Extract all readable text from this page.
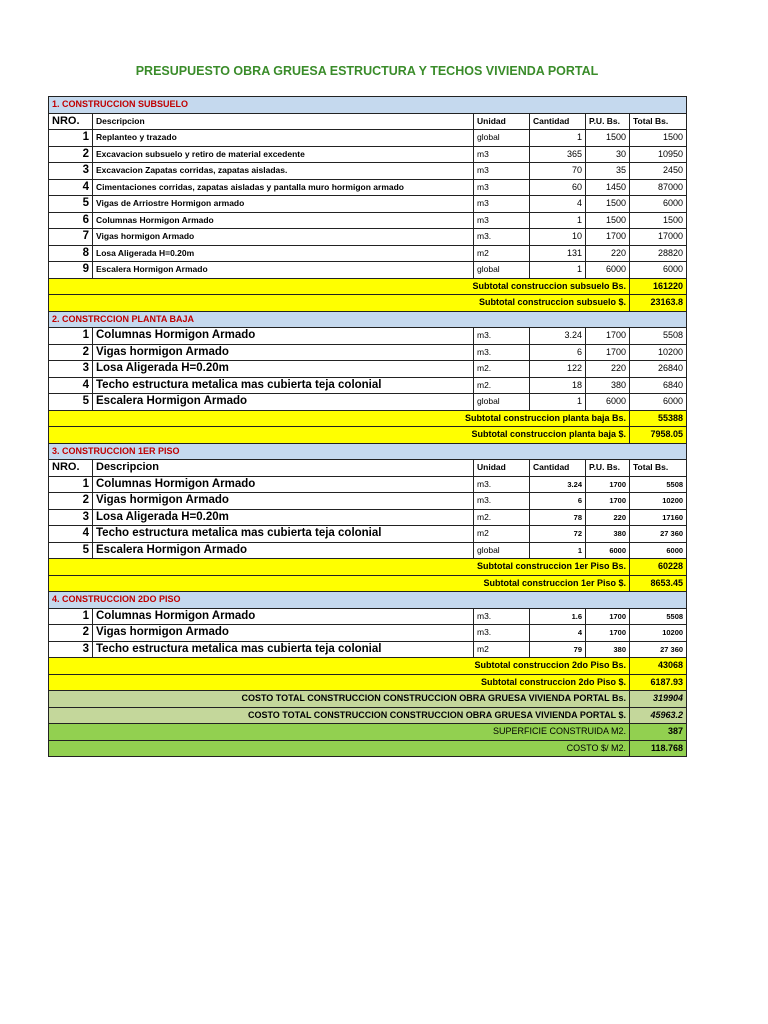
PRESUPUESTO OBRA GRUESA ESTRUCTURA Y TECHOS VIVIENDA PORTAL
1. CONSTRUCCION SUBSUELO					
NRO.	Descripcion	Unidad	Cantidad	P.U. Bs.	Total Bs.
1	Replanteo y trazado	global	1	1500	1500
2	Excavacion subsuelo y retiro de material excedente	m3	365	30	10950
3	Excavacion Zapatas corridas, zapatas aisladas.	m3	70	35	2450
4	Cimentaciones corridas, zapatas aisladas y pantalla muro hormigon armado	m3	60	1450	87000
5	Vigas de Arriostre Hormigon armado	m3	4	1500	6000
6	Columnas Hormigon Armado	m3	1	1500	1500
7	Vigas hormigon Armado	m3.	10	1700	17000
8	Losa Aligerada H=0.20m	m2	131	220	28820
9	Escalera Hormigon Armado	global	1	6000	6000
Subtotal construccion subsuelo Bs.					161220
Subtotal construccion subsuelo $.					23163.8
2. CONSTRCCION PLANTA BAJA					
1	Columnas Hormigon Armado	m3.	3.24	1700	5508
2	Vigas hormigon Armado	m3.	6	1700	10200
3	Losa Aligerada H=0.20m	m2.	122	220	26840
4	Techo estructura metalica mas cubierta teja colonial	m2.	18	380	6840
5	Escalera Hormigon Armado	global	1	6000	6000
Subtotal construccion planta baja Bs.					55388
Subtotal construccion planta baja $.					7958.05
3. CONSTRUCCION 1ER PISO					
NRO.	Descripcion	Unidad	Cantidad	P.U. Bs.	Total Bs.
1	Columnas Hormigon Armado	m3.	3.24	1700	5508
2	Vigas hormigon Armado	m3.	6	1700	10200
3	Losa Aligerada H=0.20m	m2.	78	220	17160
4	Techo estructura metalica mas cubierta teja colonial	m2	72	380	27 360
5	Escalera Hormigon Armado	global	1	6000	6000
Subtotal construccion 1er Piso Bs.					60228
Subtotal construccion 1er Piso $.					8653.45
4. CONSTRUCCION 2DO PISO					
1	Columnas Hormigon Armado	m3.	1.6	1700	5508
2	Vigas hormigon Armado	m3.	4	1700	10200
3	Techo estructura metalica mas cubierta teja colonial	m2	79	380	27 360
Subtotal construccion 2do Piso Bs.					43068
Subtotal construccion 2do Piso $.					6187.93
COSTO TOTAL CONSTRUCCION CONSTRUCCION OBRA GRUESA VIVIENDA PORTAL Bs.					319904
COSTO TOTAL CONSTRUCCION CONSTRUCCION OBRA GRUESA VIVIENDA PORTAL $.					45963.2
SUPERFICIE CONSTRUIDA M2.					387
COSTO $/ M2.					118.768
